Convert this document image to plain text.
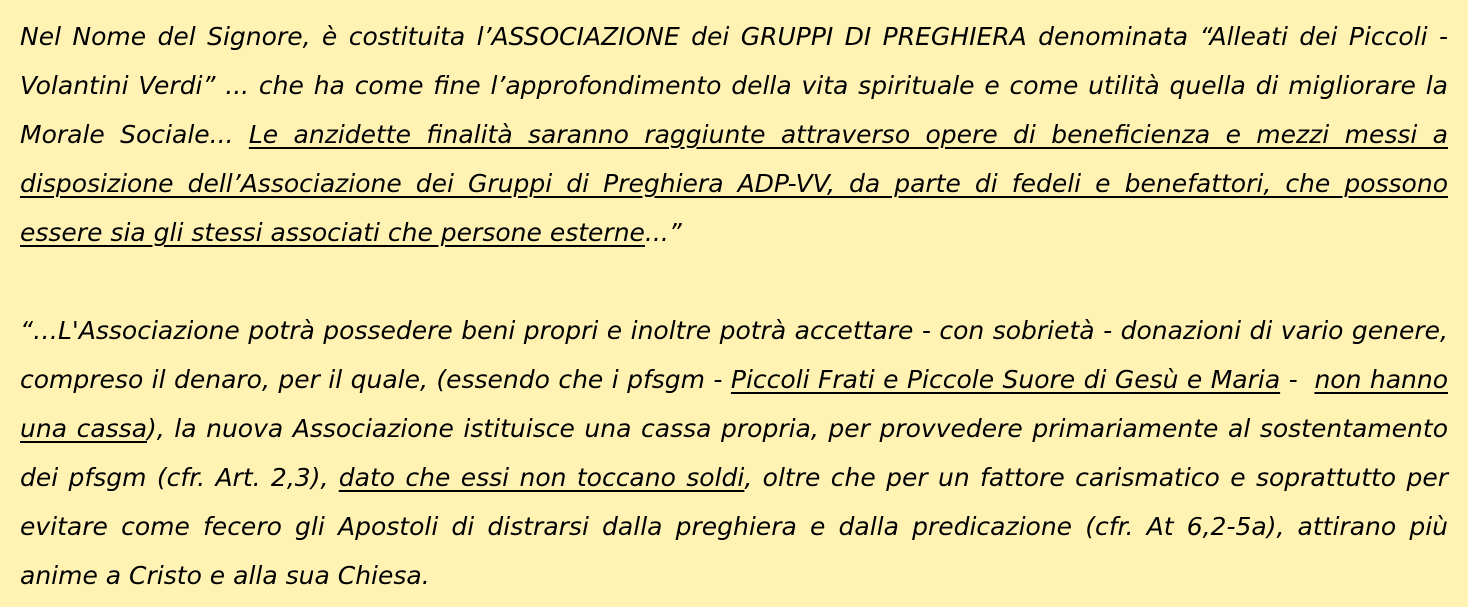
Nel Nome del Signore, è costituita l’ASSOCIAZIONE dei GRUPPI DI PREGHIERA denominata “Alleati dei Piccoli - Volantini Verdi” ... che ha come fine l’approfondimento della vita spirituale e come utilità quella di migliorare la Morale Sociale... Le anzidette finalità saranno raggiunte attraverso opere di beneficienza e mezzi messi a disposizione dell’Associazione dei Gruppi di Preghiera ADP-VV, da parte di fedeli e benefattori, che possono essere sia gli stessi associati che persone esterne...”

“…L'Associazione potrà possedere beni propri e inoltre potrà accettare - con sobrietà - donazioni di vario genere, compreso il denaro, per il quale, (essendo che i pfsgm - Piccoli Frati e Piccole Suore di Gesù e Maria -  non hanno una cassa), la nuova Associazione istituisce una cassa propria, per provvedere primariamente al sostentamento dei pfsgm (cfr. Art. 2,3), dato che essi non toccano soldi, oltre che per un fattore carismatico e soprattutto per evitare come fecero gli Apostoli di distrarsi dalla preghiera e dalla predicazione (cfr. At 6,2-5a), attirano più anime a Cristo e alla sua Chiesa.
